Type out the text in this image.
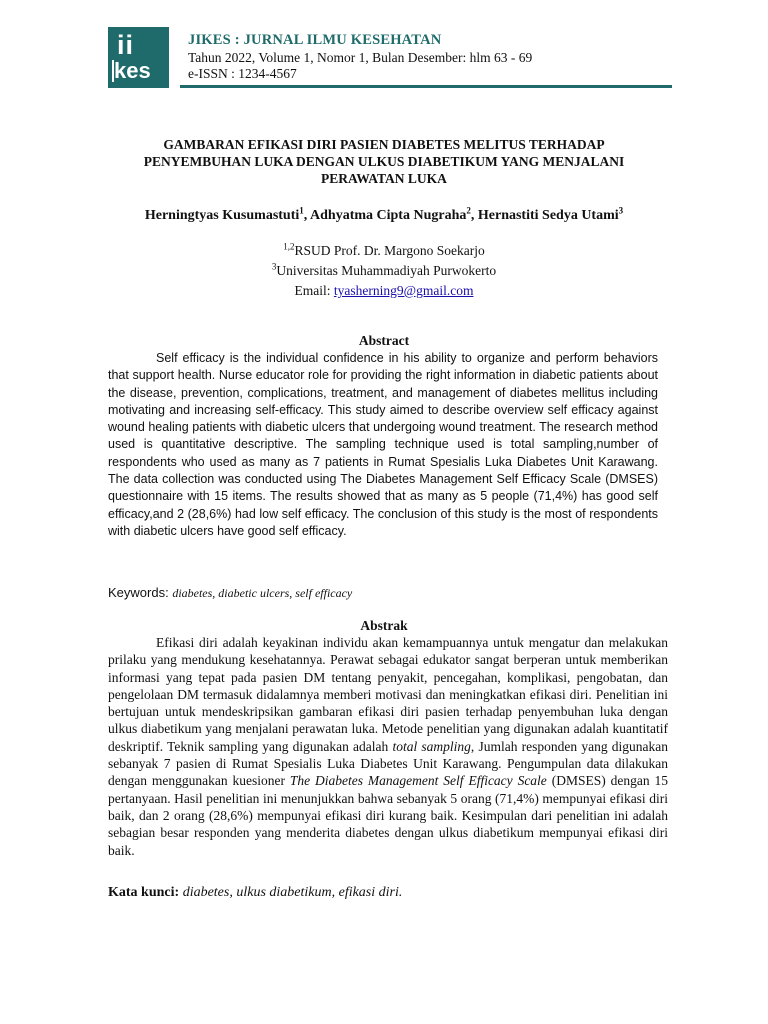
ii
kes
JIKES : JURNAL ILMU KESEHATAN
Tahun 2022, Volume 1, Nomor 1, Bulan Desember: hlm 63 - 69
e-ISSN : 1234-4567
GAMBARAN EFIKASI DIRI PASIEN DIABETES MELITUS TERHADAP PENYEMBUHAN LUKA DENGAN ULKUS DIABETIKUM YANG MENJALANI PERAWATAN LUKA
Herningtyas Kusumastuti$^1$, Adhyatma Cipta Nugraha$^2$, Hernastiti Sedya Utami$^3$
$^{1,2}$RSUD Prof. Dr. Margono Soekarjo
$^3$Universitas Muhammadiyah Purwokerto
Email: tyasherning9@gmail.com
Abstract

Self efficacy is the individual confidence in his ability to organize and perform behaviors that support health. Nurse educator role for providing the right information in diabetic patients about the disease, prevention, complications, treatment, and management of diabetes mellitus including motivating and increasing self-efficacy. This study aimed to describe overview self efficacy against wound healing patients with diabetic ulcers that undergoing wound treatment. The research method used is quantitative descriptive. The sampling technique used is total sampling,number of respondents who used as many as 7 patients in Rumat Spesialis Luka Diabetes Unit Karawang. The data collection was conducted using The Diabetes Management Self Efficacy Scale (DMSES) questionnaire with 15 items. The results showed that as many as 5 people (71,4%) has good self efficacy,and 2 (28,6%) had low self efficacy. The conclusion of this study is the most of respondents with diabetic ulcers have good self efficacy.

Keywords: diabetes, diabetic ulcers, self efficacy
Abstrak

Efikasi diri adalah keyakinan individu akan kemampuannya untuk mengatur dan melakukan prilaku yang mendukung kesehatannya. Perawat sebagai edukator sangat berperan untuk memberikan informasi yang tepat pada pasien DM tentang penyakit, pencegahan, komplikasi, pengobatan, dan pengelolaan DM termasuk didalamnya memberi motivasi dan meningkatkan efikasi diri. Penelitian ini bertujuan untuk mendeskripsikan gambaran efikasi diri pasien terhadap penyembuhan luka dengan ulkus diabetikum yang menjalani perawatan luka. Metode penelitian yang digunakan adalah kuantitatif deskriptif. Teknik sampling yang digunakan adalah total sampling, Jumlah responden yang digunakan sebanyak 7 pasien di Rumat Spesialis Luka Diabetes Unit Karawang. Pengumpulan data dilakukan dengan menggunakan kuesioner The Diabetes Management Self Efficacy Scale (DMSES) dengan 15 pertanyaan. Hasil penelitian ini menunjukkan bahwa sebanyak 5 orang (71,4%) mempunyai efikasi diri baik, dan 2 orang (28,6%) mempunyai efikasi diri kurang baik. Kesimpulan dari penelitian ini adalah sebagian besar responden yang menderita diabetes dengan ulkus diabetikum mempunyai efikasi diri baik.

Kata kunci: diabetes, ulkus diabetikum, efikasi diri.
